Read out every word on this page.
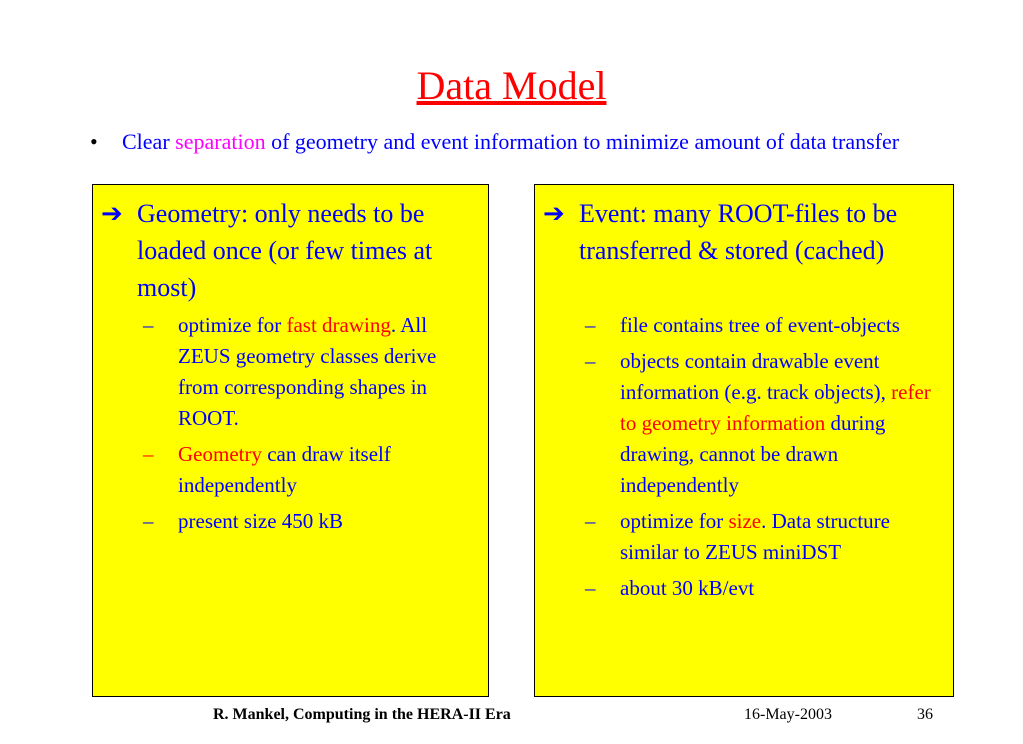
Data Model
• Clear separation of geometry and event information to minimize amount of data transfer
➔ Geometry: only needs to be loaded once (or few times at most)
– optimize for fast drawing. All ZEUS geometry classes derive from corresponding shapes in ROOT.
– Geometry can draw itself independently
– present size 450 kB
➔ Event: many ROOT-files to be transferred & stored (cached)
– file contains tree of event-objects
– objects contain drawable event information (e.g. track objects), refer to geometry information during drawing, cannot be drawn independently
– optimize for size. Data structure similar to ZEUS miniDST
– about 30 kB/evt
R. Mankel, Computing in the HERA-II Era	16-May-2003	36
